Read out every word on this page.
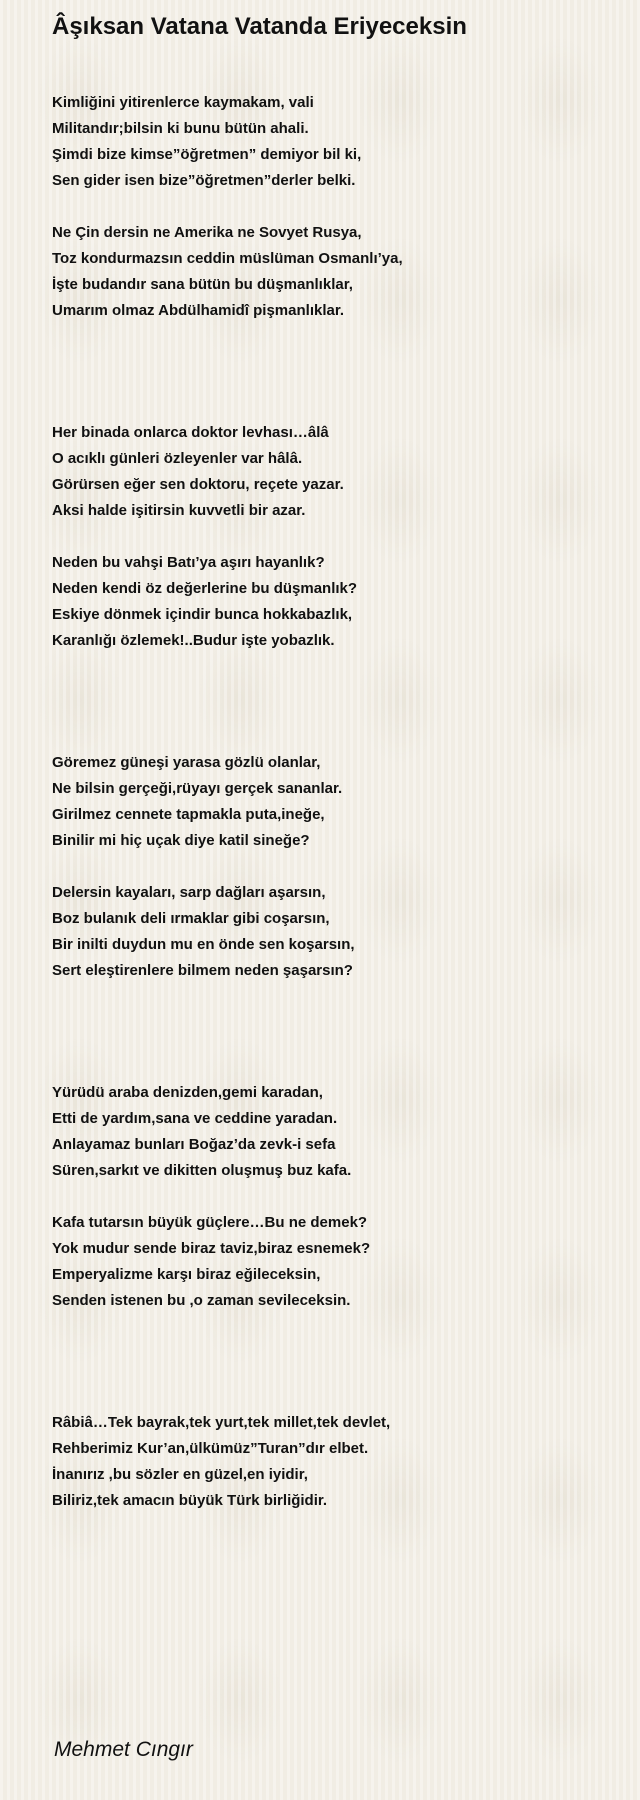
Âşıksan Vatana Vatanda Eriyeceksin
Kimliğini yitirenlerce kaymakam, vali
Militandır;bilsin ki bunu bütün ahali.
Şimdi bize kimse”öğretmen” demiyor bil ki,
Sen gider isen bize”öğretmen”derler belki.
Ne Çin dersin ne Amerika ne Sovyet Rusya,
Toz kondurmazsın ceddin müslüman Osmanlı’ya,
İşte budandır sana bütün bu düşmanlıklar,
Umarım olmaz Abdülhamidî pişmanlıklar.
Her binada onlarca doktor levhası…âlâ
O acıklı günleri özleyenler var hâlâ.
Görürsen eğer sen doktoru, reçete yazar.
Aksi halde işitirsin kuvvetli bir azar.
Neden bu vahşi Batı’ya aşırı hayanlık?
Neden kendi öz değerlerine bu düşmanlık?
Eskiye dönmek içindir bunca hokkabazlık,
Karanlığı özlemek!..Budur işte yobazlık.
Göremez güneşi yarasa gözlü olanlar,
Ne bilsin gerçeği,rüyayı gerçek sananlar.
Girilmez cennete tapmakla puta,ineğe,
Binilir mi hiç uçak diye katil sineğe?
Delersin kayaları, sarp dağları aşarsın,
Boz bulanık deli ırmaklar gibi coşarsın,
Bir inilti duydun mu en önde sen koşarsın,
Sert eleştirenlere bilmem neden şaşarsın?
Yürüdü araba denizden,gemi karadan,
Etti de yardım,sana ve ceddine yaradan.
Anlayamaz bunları Boğaz’da zevk-i sefa
Süren,sarkıt ve dikitten oluşmuş buz kafa.
Kafa tutarsın büyük güçlere…Bu ne demek?
Yok mudur sende biraz taviz,biraz esnemek?
Emperyalizme karşı biraz eğileceksin,
Senden istenen bu ,o zaman sevileceksin.
Râbiâ…Tek bayrak,tek yurt,tek millet,tek devlet,
Rehberimiz Kur’an,ülkümüz”Turan”dır elbet.
İnanırız ,bu sözler en güzel,en iyidir,
Biliriz,tek amacın büyük Türk birliğidir.

Mehmet Cıngır
